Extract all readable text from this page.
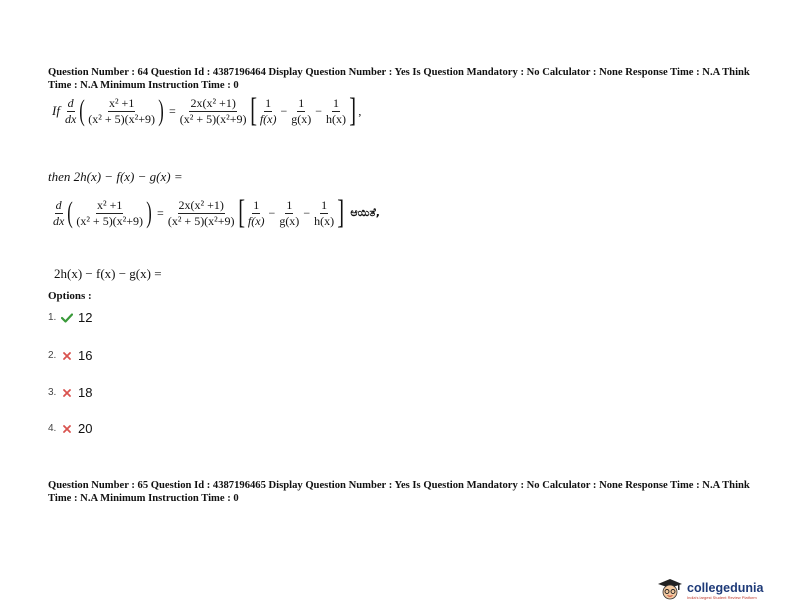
Question Number : 64 Question Id : 4387196464 Display Question Number : Yes Is Question Mandatory : No Calculator : None Response Time : N.A Think Time : N.A Minimum Instruction Time : 0
If $\frac{d}{dx}$ ( $\frac{\text{x² +1}}{\text{(x² + 5)(x²+9)}}$ ) = $\frac{\text{2x(x² +1)}}{\text{(x² + 5)(x²+9)}}$ [ $\frac{1}{f(x)} - \frac{1}{g(x)} - \frac{1}{h(x)}$ ] ,
then 2h(x) − f(x) − g(x) =
$\frac{d}{dx}$ ( $\frac{\text{x² +1}}{\text{(x² + 5)(x²+9)}}$ ) = $\frac{\text{2x(x² +1)}}{\text{(x² + 5)(x²+9)}}$ [ $\frac{1}{f(x)} - \frac{1}{g(x)} - \frac{1}{h(x)}$ ] ಆಯಿತೆ,
2h(x) − f(x) − g(x) =
Options :
1. 12
2. 16
3. 18
4. 20
Question Number : 65 Question Id : 4387196465 Display Question Number : Yes Is Question Mandatory : No Calculator : None Response Time : N.A Think Time : N.A Minimum Instruction Time : 0
collegedunia
India's largest Student Review Platform
